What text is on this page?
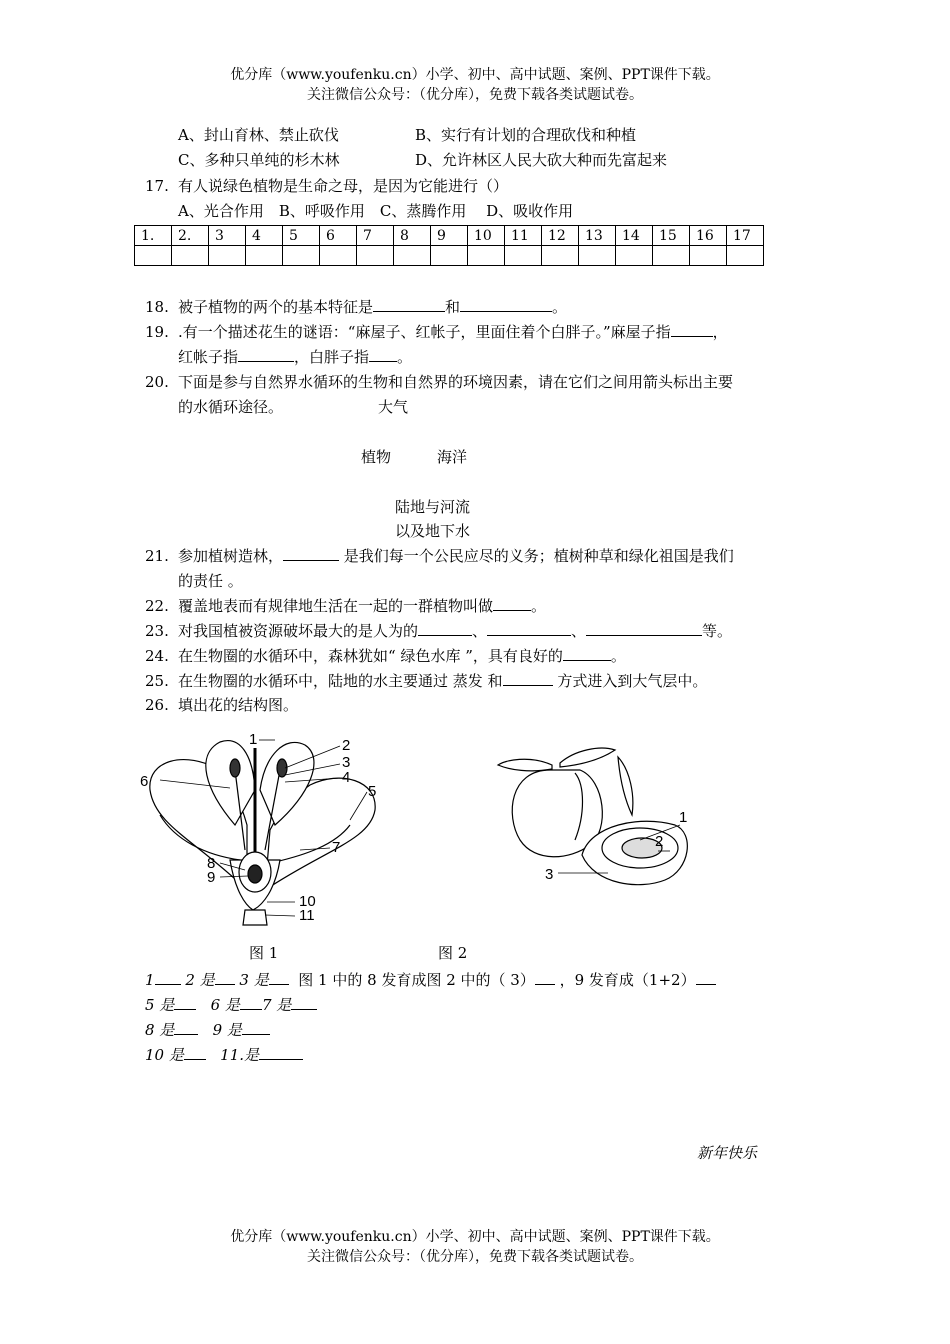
优分库（www.youfenku.cn）小学、初中、高中试题、案例、PPT课件下载。
关注微信公众号：（优分库），免费下载各类试题试卷。
A、封山育林、禁止砍伐	B、实行有计划的合理砍伐和种植
C、多种只单纯的杉木林	D、允许林区人民大砍大种而先富起来
17. 有人说绿色植物是生命之母，是因为它能进行（）
A、光合作用　B、呼吸作用　C、蒸腾作用　 D、吸收作用
1.	2.	3	4	5	6	7	8	9	10	11	12	13	14	15	16	17

18. 被子植物的两个的基本特征是	和	。
19. .有一个描述花生的谜语：“麻屋子、红帐子，里面住着个白胖子。”麻屋子指	，
红帐子指	，白胖子指 。
20. 下面是参与自然界水循环的生物和自然界的环境因素，请在它们之间用箭头标出主要
的水循环途径。	大气
植物	海洋
陆地与河流
以及地下水
21. 参加植树造林，	是我们每一个公民应尽的义务；植树种草和绿化祖国是我们
的责任 。
22. 覆盖地表而有规律地生活在一起的一群植物叫做	。
23. 对我国植被资源破坏最大的是人为的	、	、	等。
24. 在生物圈的水循环中，森林犹如“ 绿色水库 ”，具有良好的	。
25. 在生物圈的水循环中，陆地的水主要通过 蒸发 和	方式进入到大气层中。
26. 填出花的结构图。
1	2
3
4
5
6
7
8
9
10
11
1
2
3
图 1	图 2
1 2 是 3 是 图 1 中的 8 发育成图 2 中的（ 3） ，9 发育成（1+2）
5 是 6 是 7 是
8 是	9 是
10 是 11.是
新年快乐
优分库（www.youfenku.cn）小学、初中、高中试题、案例、PPT课件下载。
关注微信公众号：（优分库），免费下载各类试题试卷。
